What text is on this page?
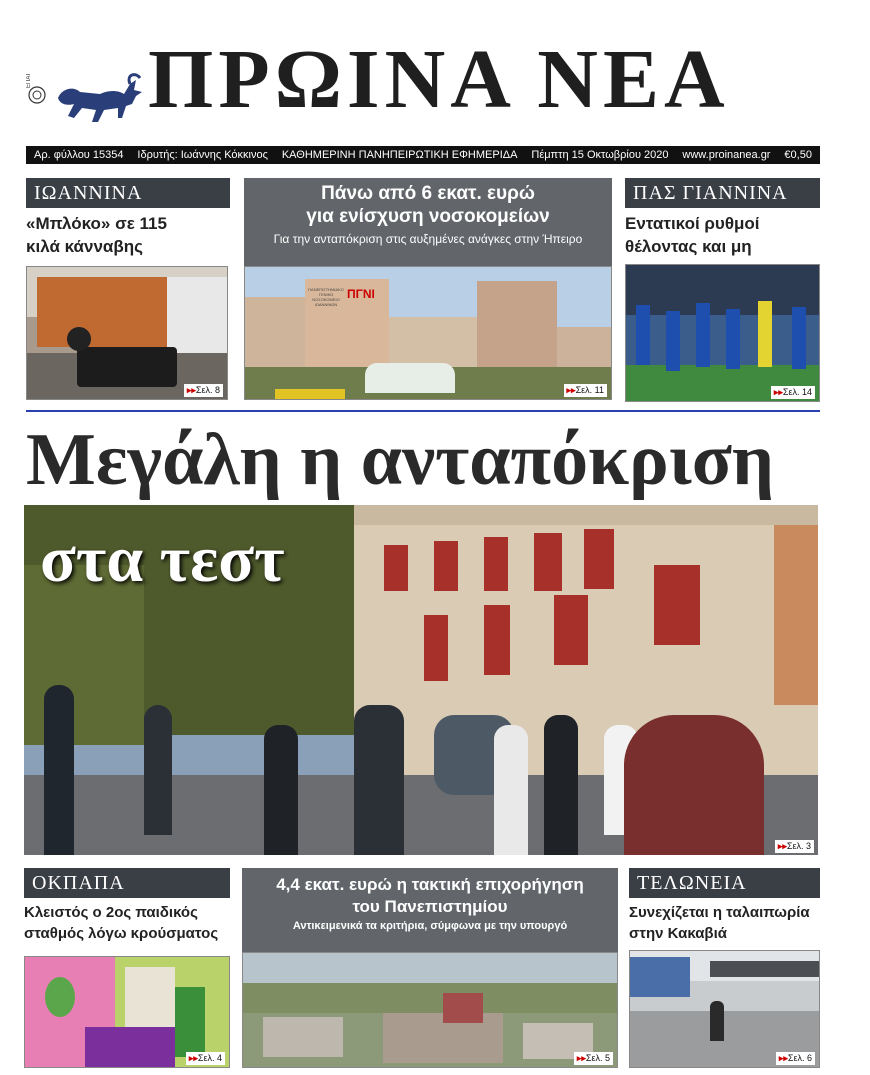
ΕΠΑΤ ΠΡΩΙΝΑ ΝΕΑ
Αρ. φύλλου 15354 Ιδρυτής: Ιωάννης Κόκκινος ΚΑΘΗΜΕΡΙΝΗ ΠΑΝΗΠΕΙΡΩΤΙΚΗ ΕΦΗΜΕΡΙΔΑ Πέμπτη 15 Οκτωβρίου 2020 www.proinanea.gr €0,50
ΙΩΑΝΝΙΝΑ
«Μπλόκο» σε 115
κιλά κάνναβης
▸▸Σελ. 8
Πάνω από 6 εκατ. ευρώ
για ενίσχυση νοσοκομείων
Για την ανταπόκριση στις αυξημένες ανάγκες στην Ήπειρο
ΠΑΝΕΠΙΣΤΗΜΙΑΚΟ ΓΕΝΙΚΟ ΝΟΣΟΚΟΜΕΙΟ ΙΩΑΝΝΙΝΩΝ
ΠΓΝΙ
▸▸Σελ. 11
ΠΑΣ ΓΙΑΝΝΙΝΑ
Εντατικοί ρυθμοί
θέλοντας και μη
▸▸Σελ. 14
Μεγάλη η ανταπόκριση
στα τεστ
▸▸Σελ. 3
ΟΚΠΑΠΑ
Κλειστός ο 2ος παιδικός
σταθμός λόγω κρούσματος
▸▸Σελ. 4
4,4 εκατ. ευρώ η τακτική επιχορήγηση
του Πανεπιστημίου
Αντικειμενικά τα κριτήρια, σύμφωνα με την υπουργό
▸▸Σελ. 5
ΤΕΛΩΝΕΙΑ
Συνεχίζεται η ταλαιπωρία
στην Κακαβιά
▸▸Σελ. 6
